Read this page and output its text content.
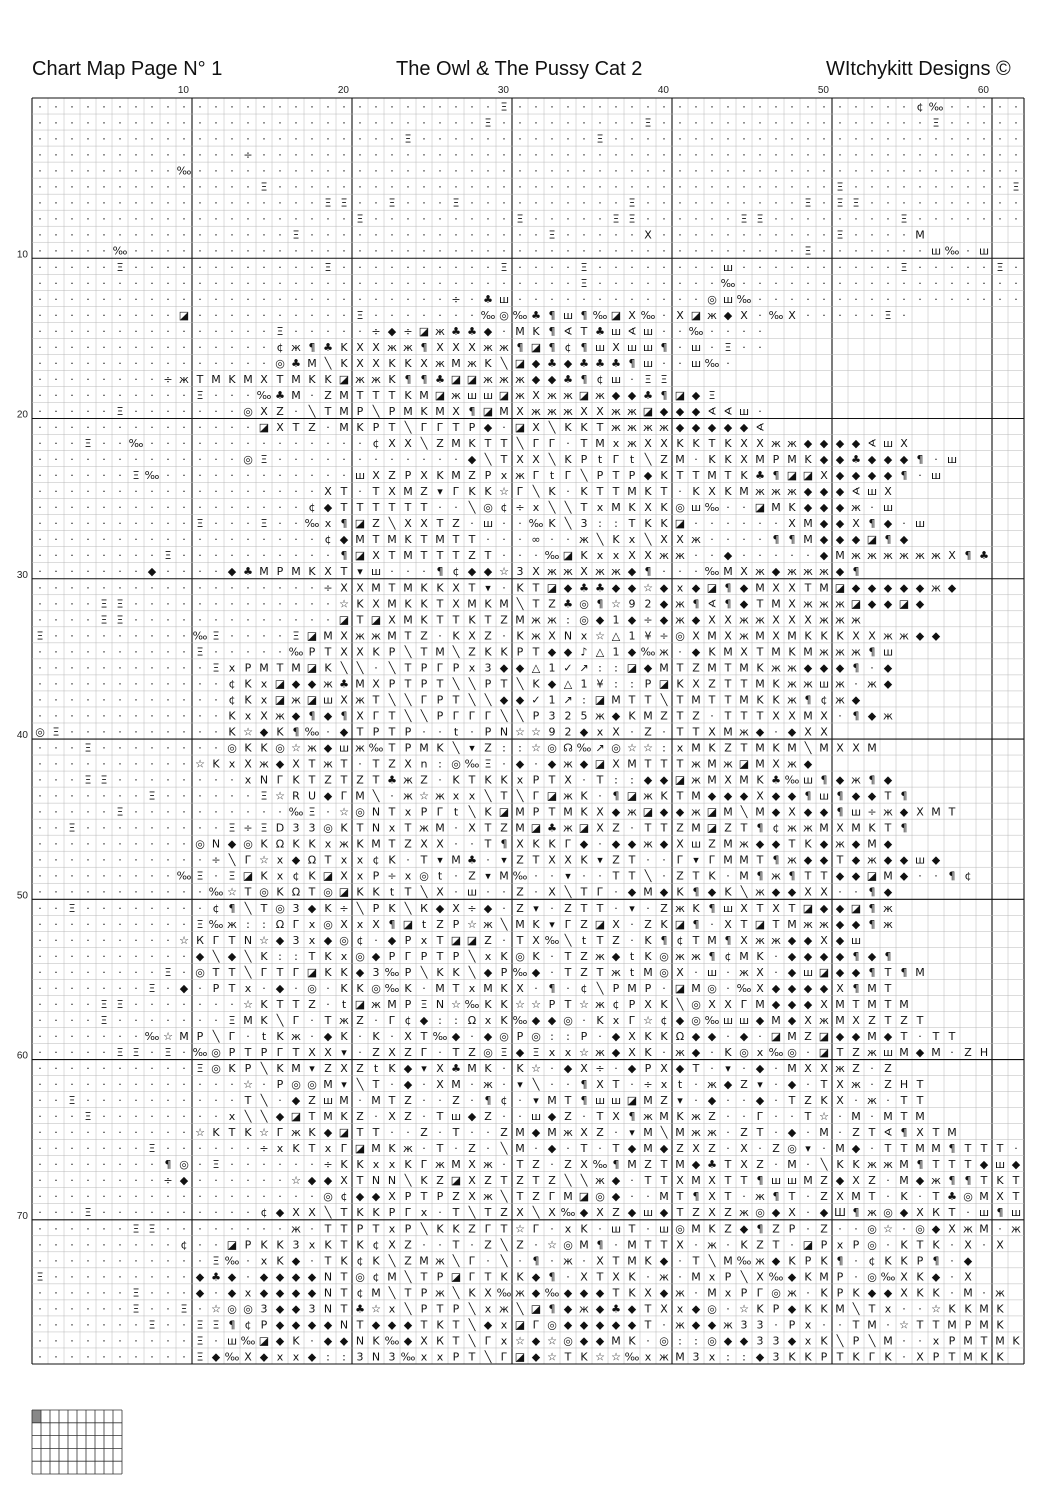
Chart Map Page N° 1	The Owl & The Pussy Cat 2	WItchykitt Designs ©
10	20	30	40	50	60
10
20
30
40
50
60
70
· · · · · · · · · · · · · · · · · · · · · · · · · · · · · Ξ · · · · · · · · · · · · · · · · · · · · · · · · · ¢ ‰ · · · · ·
· · · · · · · · · · · · · · · · · · · · · · · · · · · · Ξ · · · · · · · · · Ξ · · · · · · · · · · · · · · · · · Ξ · · · · ·
· · · · · · · · · · · · · · · · · · · · · · · Ξ · · · · · · · · · · · Ξ · · · · · · · · · · · · · · · · · · · · · · · · · ·
· · · · · · · · · · · · · ÷ · · · · · · · · · · · · · · · · · · · · · · · · · · · · · · · · · · · · · · · · · · · · · · · ·
· · · · · · · · · ‰ · · · · · · · · · · · · · · · · · · · · · · · · · · · · · · · · · · · · · · · · · · · · · · · · · · · ·
· · · · · · · · · · · · · · Ξ · · · · · · · · · · · · · · · · · · · · · · · · · · · · · · · · · · · Ξ · · · · · · · · · · Ξ
· · · · · · · · · · · · · · · · · · Ξ Ξ · · Ξ · · · Ξ · · · · · · · · · · Ξ · · · · · · · · · · Ξ · Ξ Ξ · · · · · · · · · ·
· · · · · · · · · · · · · · · · · · · · Ξ · · · · · · · · · Ξ · · · · · Ξ Ξ · · · · · · Ξ Ξ · · · · · · · · Ξ · · · · · · ·
· · · · · · · · · · · · · · · · Ξ · · · · · · · · · · · · · · · Ξ · · · · · X · · · · · · · · · · · Ξ · · · · M
· · · · · ‰ · · · · · · · · · · · · · · · · · · · · · · · · · · · · · · · · · · · · · · · · · · Ξ · · · · · · · ш ‰ · ш
· · · · · Ξ · · · · · · · · · · · · Ξ · · · · · · · · · · Ξ · · · · Ξ · · · · · · · · ш · · · · · · · · · · Ξ · · · · · Ξ ·
· · · · · · · · · · · · · · · · · · · · · · · · · · · · · · · · · · Ξ · · · · · · · · ‰ · · · · · · · · · · · · · · · · · ·
· · · · · · · · · · · · · · · · · · · · · · · · · · ÷ · ♣ ш · · · · · · · · · · · · ◎ ш ‰ · · · · · · · · · · · · · · · · ·
· · · · · · · · · ◪ · · · · · · · · · · Ξ · · · · · · · ‰ ◎ ‰ ♣ ¶ ш ¶ ‰ ◪ X ‰ · X ◪ ж ◆ X · ‰ X · · · · · Ξ ·
· · · · · · · · · · · · · · · Ξ · · · · · ÷ ◆ ÷ ◪ ж ♣ ♣ ◆ · M K ¶ ∢ T ♣ ш ∢ ш · · ‰ · · · ·
· · · · · · · · · · · · · · · ¢ ж ¶ ♣ K X X ж ж ¶ X X X ж ж ¶ ◪ ¶ ¢ ¶ ш X ш ш ¶ · ш · Ξ · ·
· · · · · · · · · · · · · · · ◎ ♣ M ╲ K X X K K X ж M ж K ╲ ◪ ◆ ♣ ◆ ♣ ♣ ♣ ¶ ш · · ш ‰ ·
· · · · · · · · ÷ ж T M K M X T M K K ◪ ж ж K ¶ ¶ ♣ ◪ ◪ ж ж ж ◆ ◆ ♣ ¶ ¢ ш · Ξ Ξ
· · · · · · · · · · Ξ · · · ‰ ♣ M · Z M T T T K M ◪ ж ш ш ◪ ж X ж ж ◪ ж ◆ ◆ ♣ ¶ ◪ ◆ Ξ
· · · · · Ξ · · · · · · · ◎ X Z · ╲ T M P ╲ P M K M X ¶ ◪ M X ж ж ж X X ж ж ◪ ◆ ◆ ◆ ∢ ∢ ш ·
· · · · · · · · · · · · · · ◪ X T Z · M K P T ╲ Г Г T P ◆ · ◪ X ╲ K K T ж ж ж ж ◆ ◆ ◆ ◆ ◆ ∢
· · · Ξ · · ‰ · · · · · · · · · · · · · · ¢ X X ╲ Z M K T T ╲ Г Г · T M x ж X X K K T K X X ж ж ◆ ◆ ◆ ◆ ∢ ш X
· · · · · · · · · · · · · ◎ Ξ · · · · · · · · · · · · ◆ ╲ T X X ╲ K P t Г t ╲ Z M · K K X M P M K ◆ ◆ ♣ ◆ ◆ ◆ ¶ · ш
· · · · · · Ξ ‰ · · · · · · · · · · · · ш X Z P X K M Z P x ж Г t Г ╲ P T P ◆ K T T M T K ♣ ¶ ◪ ◪ X ◆ ◆ ◆ ◆ ¶ · ш
· · · · · · · · · · · · · · · · · · X T · T X M Z ▾ Г K K ☆ Г ╲ K · K T T M K T · K X K M ж ж ж ◆ ◆ ◆ ∢ ш X
· · · · · · · · · · · · · · · · · ¢ ◆ T T T T T T · · ╲ ◎ ¢ ÷ x ╲ ╲ T x M K X K ◎ ш ‰ · · ◪ M K ◆ ◆ ◆ ж · ш
· · · · · · · · · · Ξ · · · Ξ · · ‰ x ¶ ◪ Z ╲ X X T Z · ш · · ‰ K ╲ 3 : : T K K ◪ · · · · · · X M ◆ ◆ X ¶ ◆ · ш
· · · · · · · · · · · · · · · · · · ¢ ◆ M T M K T M T T · · · ∞ · · ж ╲ K x ╲ X X ж · · · · ¶ ¶ M ◆ ◆ ◆ ◪ ¶ ◆
· · · · · · · · Ξ · · · · · · · · · · ¶ ◪ X T M T T T Z T · · · ‰ ◪ K x x X X ж ж · · ◆ · · · · · ◆ M ж ж ж ж ж ж X ¶ ♣
· · · · · · · ◆ · · · · ◆ ♣ M P M K X T ▾ ш · · · ¶ ¢ ◆ ◆ ☆ 3 X ж ж X ж ж ◆ ¶ · · · ‰ M X ж ◆ ж ж ж ◆ ¶
· · · · · · · · · · · · · · · · · · ÷ X X M T M K K X T ▾ · K T ◪ ◆ ♣ ♣ ◆ ◆ ☆ ◆ x ◆ ◪ ¶ ◆ M X X T M ◪ ◆ ◆ ◆ ◆ ◆ ж ◆
· · · · Ξ Ξ · · · · · · · · · · · · · ☆ K X M K K T X M K M ╲ T Z ♣ ◎ ¶ ☆ 9 2 ◆ ж ¶ ∢ ¶ ◆ T M X ж ж ж ◪ ◆ ◆ ◪ ◆
· · · · Ξ Ξ · · · · · · · · · · · · · ◪ T ◪ X M K T T K T Z M ж ж : ◎ ◆ 1 ◆ ÷ ◆ ж ◆ X X ж ж X X X ж ж ж
Ξ · · · · · · · · · ‰ Ξ · · · · Ξ ◪ M X ж ж M T Z · K X Z · K ж X N x ☆ △ 1 ¥ ÷ ◎ X M X ж M X M K K K X X ж ж ◆ ◆
· · · · · · · · · · Ξ · · · · · ‰ P T X X K P ╲ T M ╲ Z K K P T ◆ ◆ ♪ △ 1 ◆ ‰ ж · ◆ K M X T M K M ж ж ж ¶ ш
· · · · · · · · · · · Ξ x P M T M ◪ K ╲ ╲ · ╲ T P Г P x 3 ◆ ◆ △ 1 ✓ ↗ : : ◪ ◆ M T Z M T M K ж ж ◆ ◆ ◆ ¶ · ◆
· · · · · · · · · · · · ¢ K x ◪ ◆ ◆ ж ♣ M X P Т Р Т ╲ ╲ P T ╲ K ◆ △ 1 ¥ : : P ◪ K X Z T T M K ж ж ш ж · ж ◆
· · · · · · · · · · · · ¢ K x ◪ ж ◪ ш X ж T ╲ ╲ Г P T ╲ ╲ ◆ ◆ ✓ 1 ↗ : ◪ M T T ╲ T M T T M K K ж ¶ ¢ ж ◆
· · · · · · · · · · · · K x X ж ◆ ¶ ◆ ¶ X Г T ╲ ╲ P Г Г Г ╲ ╲ P 3 2 5 ж ◆ K M Z T Z · T T T X X M X · ¶ ◆ ж
◎ Ξ · · · · · · · · · · K ☆ ◆ K ¶ ‰ · ◆ T P T P · · t · P N ☆ ☆ 9 2 ◆ x X · Z · T T X M ж ◆ · ◆ X X
· · · Ξ · · · · · · · · ◎ K K ◎ ☆ ж ◆ ш ж ‰ T P M K ╲ ▾ Z : : ☆ ◎ ☊ ‰ ↗ ◎ ☆ ☆ : x M K Z T M K M ╲ M X X M
· · · · · · · · · · ☆ K x X ж ◆ X T ж T · T Z X n : ◎ ‰ Ξ · ◆ · ◆ ж ◆ ◪ X M T T T ж M ж ◪ M X ж ◆
· · · Ξ Ξ · · · · · · · · x N Г K T Z T Z T ♣ ж Z · K T K K x P T X · T : : ◆ ◆ ◪ ж M X M K ♣ ‰ ш ¶ ◆ ж ¶ ◆
· · · · · · · Ξ · · · · · · Ξ ☆ R U ◆ Г M ╲ · ж ☆ ж x x ╲ T ╲ Г ◪ ж K · ¶ ◪ ж K T M ◆ ◆ ◆ X ◆ ◆ ¶ ш ¶ ◆ ◆ T ¶
· · · · · Ξ · · · · · · · · · · ‰ Ξ · ☆ ◎ N T x P Г t ╲ K ◪ M P T M K X ◆ ж ◪ ◆ ◆ ж ◪ M ╲ M ◆ X ◆ ◆ ¶ ш ÷ ж ◆ X M T
· · Ξ · · · · · · · · · Ξ ÷ Ξ D 3 3 ◎ K T N x T ж M · X T Z M ◪ ♣ ж ◪ X Z · T T Z M ◪ Z T ¶ ¢ ж ж M X M K T ¶
· · · · · · · · · · ◎ N ◆ ◎ K Ω K K x ж K M T Z X X · · T ¶ X K K Г ◆ · ◆ ◆ ж ◆ X ш Z M ж ◆ ◆ T K ◆ ж ◆ M ◆
· · · · · · · · · · · ÷ ╲ Г ☆ x ◆ Ω T x x ¢ K · T ▾ M ♣ · ▾ Z T X X K ▾ Z T · · Г ▾ Г M M T ¶ ж ◆ ◆ T ◆ ж ◆ ◆ ш ◆
· · · · · · · · · ‰ Ξ · Ξ ◪ K x ¢ K ◪ X x P ÷ x ◎ t · Z ▾ M ‰ · · ▾ · · T T ╲ · Z T K · M ¶ ж ¶ T T ◆ ◆ ◪ M ◆ · · ¶ ¢
· · · · · · · · · · · ‰ ☆ T ◎ K Ω T ◎ ◪ K K t T ╲ X · ш · · Z · X ╲ T Г · ◆ M ◆ K ¶ ◆ K ╲ ж ◆ ◆ X X · · ¶ ◆
· · Ξ · · · · · · · · ¢ ¶ ╲ T ◎ 3 ◆ K ÷ ╲ P K ╲ К ◆ X ÷ ◆ · Z ▾ · Z T T · ▾ · Z ж K ¶ ш X T X T ◪ ◆ ◆ ◪ ¶ ж
· · · · · · · · · · Ξ ‰ ж : : Ω Г x ◎ X x X ¶ ◪ t Z P ☆ ж ╲ M K ▾ Г Z ◪ X · Z K ◪ ¶ · X T ◪ T M ж ж ◆ ◆ ¶ ж
· · · · · · · · · ☆ К Г T N ☆ ◆ 3 x ◆ ◎ ¢ · ◆ P x T ◪ ◪ Z · T X ‰ ╲ t T Z · K ¶ ¢ T M ¶ X ж ж ◆ ◆ X ◆ ш
· · · · · · · · · · ◆ ╲ ◆ ╲ K : : T K x ◎ ◆ P Г P T P ╲ x K ◎ K · T Z ж ◆ t K ◎ ж ж ¶ ¢ M K · ◆ ◆ ◆ ◆ ¶ ◆ ¶
· · · · · · · · Ξ · ◎ T T ╲ Г T Г ◪ K K ◆ 3 ‰ P ╲ K K ╲ ◆ P ‰ ◆ · T Z T ж t M ◎ X · ш · ж X · ◆ ш ◪ ◆ ◆ ¶ T ¶ M
· · · · · · · Ξ · ◆ · P T x · ◆ · ◎ · K K ◎ ‰ K · M T x M K X · ¶ · ¢ ╲ P M P · ◪ M ◎ · ‰ X ◆ ◆ ◆ ◆ X ¶ M T
· · · · Ξ Ξ · · · · · · · ☆ K T T Z · t ◪ ж M P Ξ N ☆ ‰ K K ☆ ☆ P T ☆ ж ¢ P X K ╲ ◎ X X Г M ◆ ◆ ◆ X M T M T M
· · · · Ξ · · · · · · · Ξ M K ╲ Г · T ж Z · Г ¢ ◆ : : Ω x K ‰ ◆ ◆ ◎ · K x Г ☆ ¢ ◆ ◎ ‰ ш ш ◆ M ◆ X ж M X Z T Z T
· · · · · · · ‰ ☆ M P ╲ Г · t K ж · ◆ K · K · X T ‰ ◆ · ◆ ◎ P ◎ : : P · ◆ X K K Ω ◆ ◆ · ◆ · ◪ M Z ◪ ◆ ◆ M ◆ T · T T
· · · · · Ξ Ξ · Ξ · ‰ ◎ P T P Г T X X ▾ · Z X Z Г · T Z ◎ Ξ ◆ Ξ x x ☆ ж ◆ X K · ж ◆ · K ◎ x ‰ ◎ · ◪ T Z ж ш M ◆ M · Z H
· · · · · · · · · · Ξ ◎ K P ╲ K M ▾ Z X Z t K ◆ ▾ X ♣ M K · K ☆ · ◆ X ÷ · ◆ P X ◆ T · ▾ · ◆ · M X X ж Z · Z
· · · · · · · · · · · · · ☆ · P ◎ ◎ M ▾ ╲ T · ◆ · X M · ж · ▾ ╲ · · ¶ X T · ÷ x t · ж ◆ Z ▾ · ◆ · T X ж · Z H T
· · Ξ · · · · · · · · · · T ╲ · ◆ Z ш M · M T Z · · Z · ¶ ¢ · ▾ M T ¶ ш ш ◪ M Z ▾ · ◆ · · ◆ · T Z K X · ж · T T
· · · Ξ · · · · · · · · x ╲ ╲ ◆ ◪ T M K Z · X Z · T ш ◆ Z · · ш ◆ Z · T X ¶ ж M K ж Z · · Г · · T ☆ · M · M T M
· · · · · · · · · · ☆ K T K ☆ Г ж K ◆ ◪ T T · · Z · T · · Z M ◆ M ж X Z · ▾ M ╲ M ж ж · Z T · ◆ · M · Z T ∢ ¶ X T M
· · · · · · · Ξ · · · · · · ÷ x K T x Г ◪ M K ж · T · Z · ╲ M · ◆ · T · T ◆ M ◆ Z X Z · X · Z ◎ ▾ · M ◆ · T T M M ¶ T T T ·
· · · · · · · · ¶ ◎ · Ξ · · · · · · ÷ K K x x K Г ж M X ж · T Z · Z X ‰ ¶ M Z T M ◆ ♣ T X Z · M · ╲ K K ж ж M ¶ T T T ◆ ш ◆
· · · · · · · · ÷ ◆ · · · · · · ☆ ◆ ◆ X T N N ╲ K Z ◪ X Z T Z T Z ╲ ╲ ж ◆ · T T X M X T T ¶ ш ш M Z ◆ X Z · M ◆ ж ¶ ¶ T K T
· · · · · · · · · · · · · · · · · · ◎ ¢ ◆ ◆ X P T P Z X ж ╲ T Z Г M ◪ ◎ ◆ · · M T ¶ X T · ж ¶ T · Z X M T · K · T ♣ ◎ M X T
· · · Ξ · · · · · · · · · · ¢ ◆ X X ╲ T K K P Г x · T ╲ T Z X ╲ X ‰ ◆ X Z ◆ ш ◆ T Z X Z ж ◎ ◆ X · ◆ Ш ¶ ж ◎ ◆ X К T · ш ¶ ш
· · · · · · Ξ Ξ · · · · · · · · ж · T T P T x P ╲ K K Z Г T ☆ Г · x K · ш T · ш ◎ M K Z ◆ ¶ Z P · Z · · ◎ ☆ · ◎ ◆ X ж M · ж
· · · · · · · · · ¢ · · ◪ P K K 3 x K T K ¢ X Z · · T · Z ╲ Z · ☆ ◎ M ¶ · M T T X · ж · K Z T · ◪ P x P ◎ · K T K · X · X
· · · · · · · · · · · Ξ ‰ · x K ◆ · T K ¢ K ╲ Z M ж ╲ Г · ╲ · ¶ · ж · X T M K ◆ · T ╲ M ‰ ж ◆ K P K ¶ · ¢ K K P ¶ · ◆
Ξ · · · · · · · · · ◆ ♣ ◆ · ◆ ◆ ◆ ◆ N T ◎ ¢ M ╲ T P ◪ Г T K K ◆ ¶ · Х T X K · ж · M x P ╲ X ‰ ◆ K M P · ◎ ‰ X K ◆ · X
· · · · · · Ξ · · · ◆ · ◆ x ◆ ◆ ◆ ◆ N T ¢ M ╲ T P ж ╲ K X ‰ ж ◆ ‰ ◆ ◆ ◆ T K X ◆ ж · M x P Г ◎ ж · K P K ◆ ◆ X K K · M · ж
· · · · · · Ξ · · Ξ · ☆ ◎ ◎ 3 ◆ ◆ 3 N T ♣ ☆ x ╲ P T P ╲ x ж ╲ ◪ ¶ ◆ ж ◆ ♣ ◆ T X x ◆ ◎ · ☆ K P ◆ K K M ╲ T x · · ☆ K K M K
· · · · · · · Ξ · · Ξ Ξ ¶ ¢ P ◆ ◆ ◆ ◆ N T ◆ ◆ ◆ T K T ╲ ◆ x ◪ Г ◎ ◆ ◆ ◆ ◆ ◆ T · ж ◆ ◆ ж 3 3 · P x · · T M · ☆ T T M P M K
· · · · · · · · · · Ξ · ш ‰ ◪ ◆ K · ◆ ◆ N K ‰ ◆ X К Т ╲ Г x ☆ ◆ ☆ ◎ ◆ ◆ M K · ◎ : : ◎ ◆ ◆ 3 3 ◆ x K ╲ P ╲ M · · x P M T M K
· · · · · · · · · · Ξ ◆ ‰ X ◆ x x ◆ : : 3 N 3 ‰ x x P T ╲ Г ◪ ◆ ☆ T K ☆ ☆ ‰ x ж M 3 x : : ◆ 3 K K P T K Г K · X P T M K K
